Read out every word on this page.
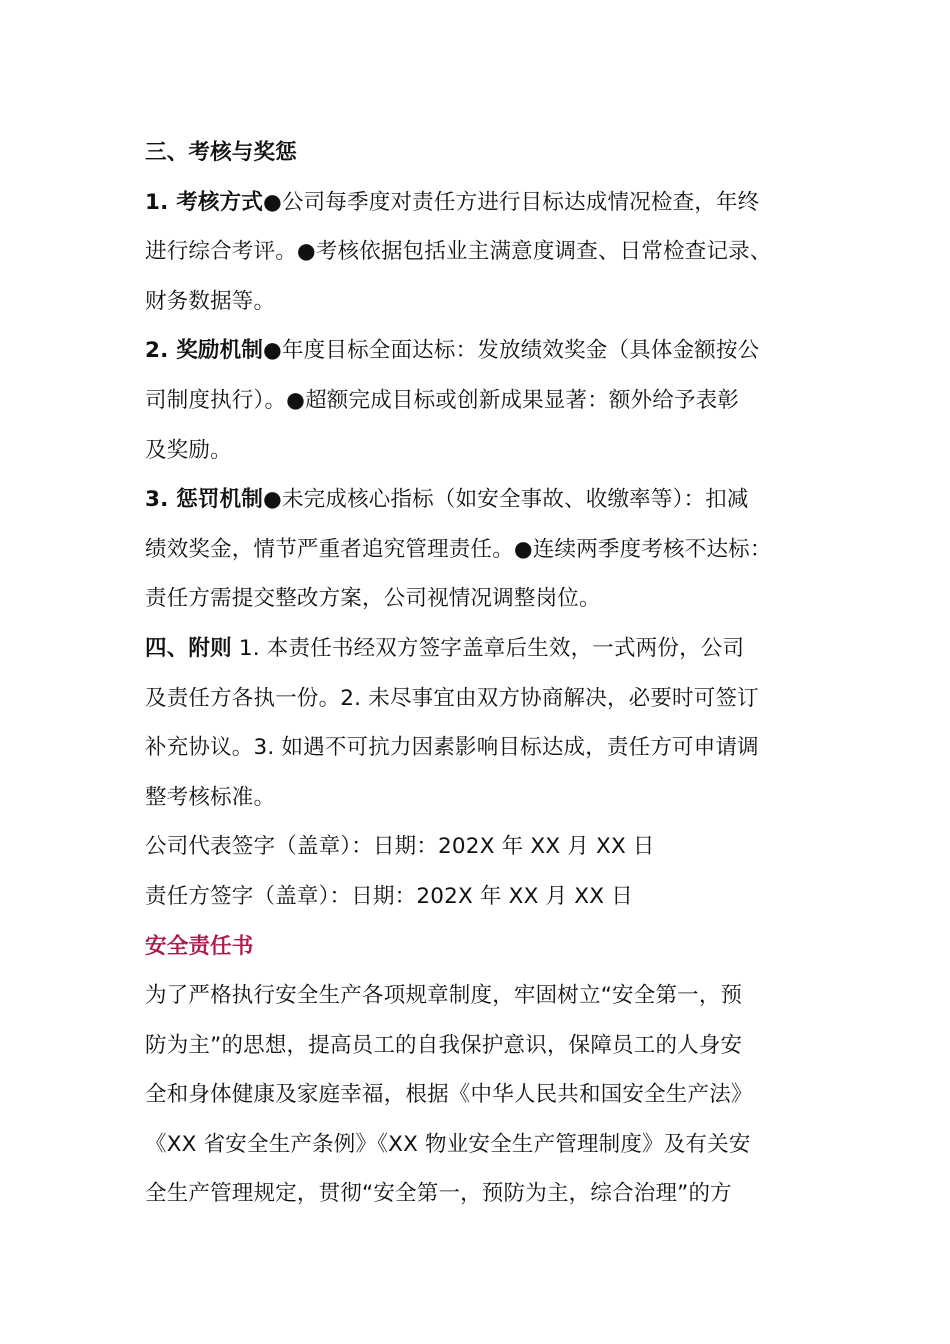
三、考核与奖惩
1. 考核方式●公司每季度对责任方进行目标达成情况检查，年终
进行综合考评。●考核依据包括业主满意度调查、日常检查记录、
财务数据等。
2. 奖励机制●年度目标全面达标：发放绩效奖金（具体金额按公
司制度执行）。●超额完成目标或创新成果显著：额外给予表彰
及奖励。
3. 惩罚机制●未完成核心指标（如安全事故、收缴率等）：扣减
绩效奖金，情节严重者追究管理责任。●连续两季度考核不达标：
责任方需提交整改方案，公司视情况调整岗位。
四、附则 1. 本责任书经双方签字盖章后生效，一式两份，公司
及责任方各执一份。2. 未尽事宜由双方协商解决，必要时可签订
补充协议。3. 如遇不可抗力因素影响目标达成，责任方可申请调
整考核标准。
公司代表签字（盖章）：日期：202X 年 XX 月 XX 日
责任方签字（盖章）：日期：202X 年 XX 月 XX 日
安全责任书
为了严格执行安全生产各项规章制度，牢固树立“安全第一，预
防为主”的思想，提高员工的自我保护意识，保障员工的人身安
全和身体健康及家庭幸福，根据《中华人民共和国安全生产法》
《XX 省安全生产条例》《XX 物业安全生产管理制度》及有关安
全生产管理规定，贯彻“安全第一，预防为主，综合治理”的方
